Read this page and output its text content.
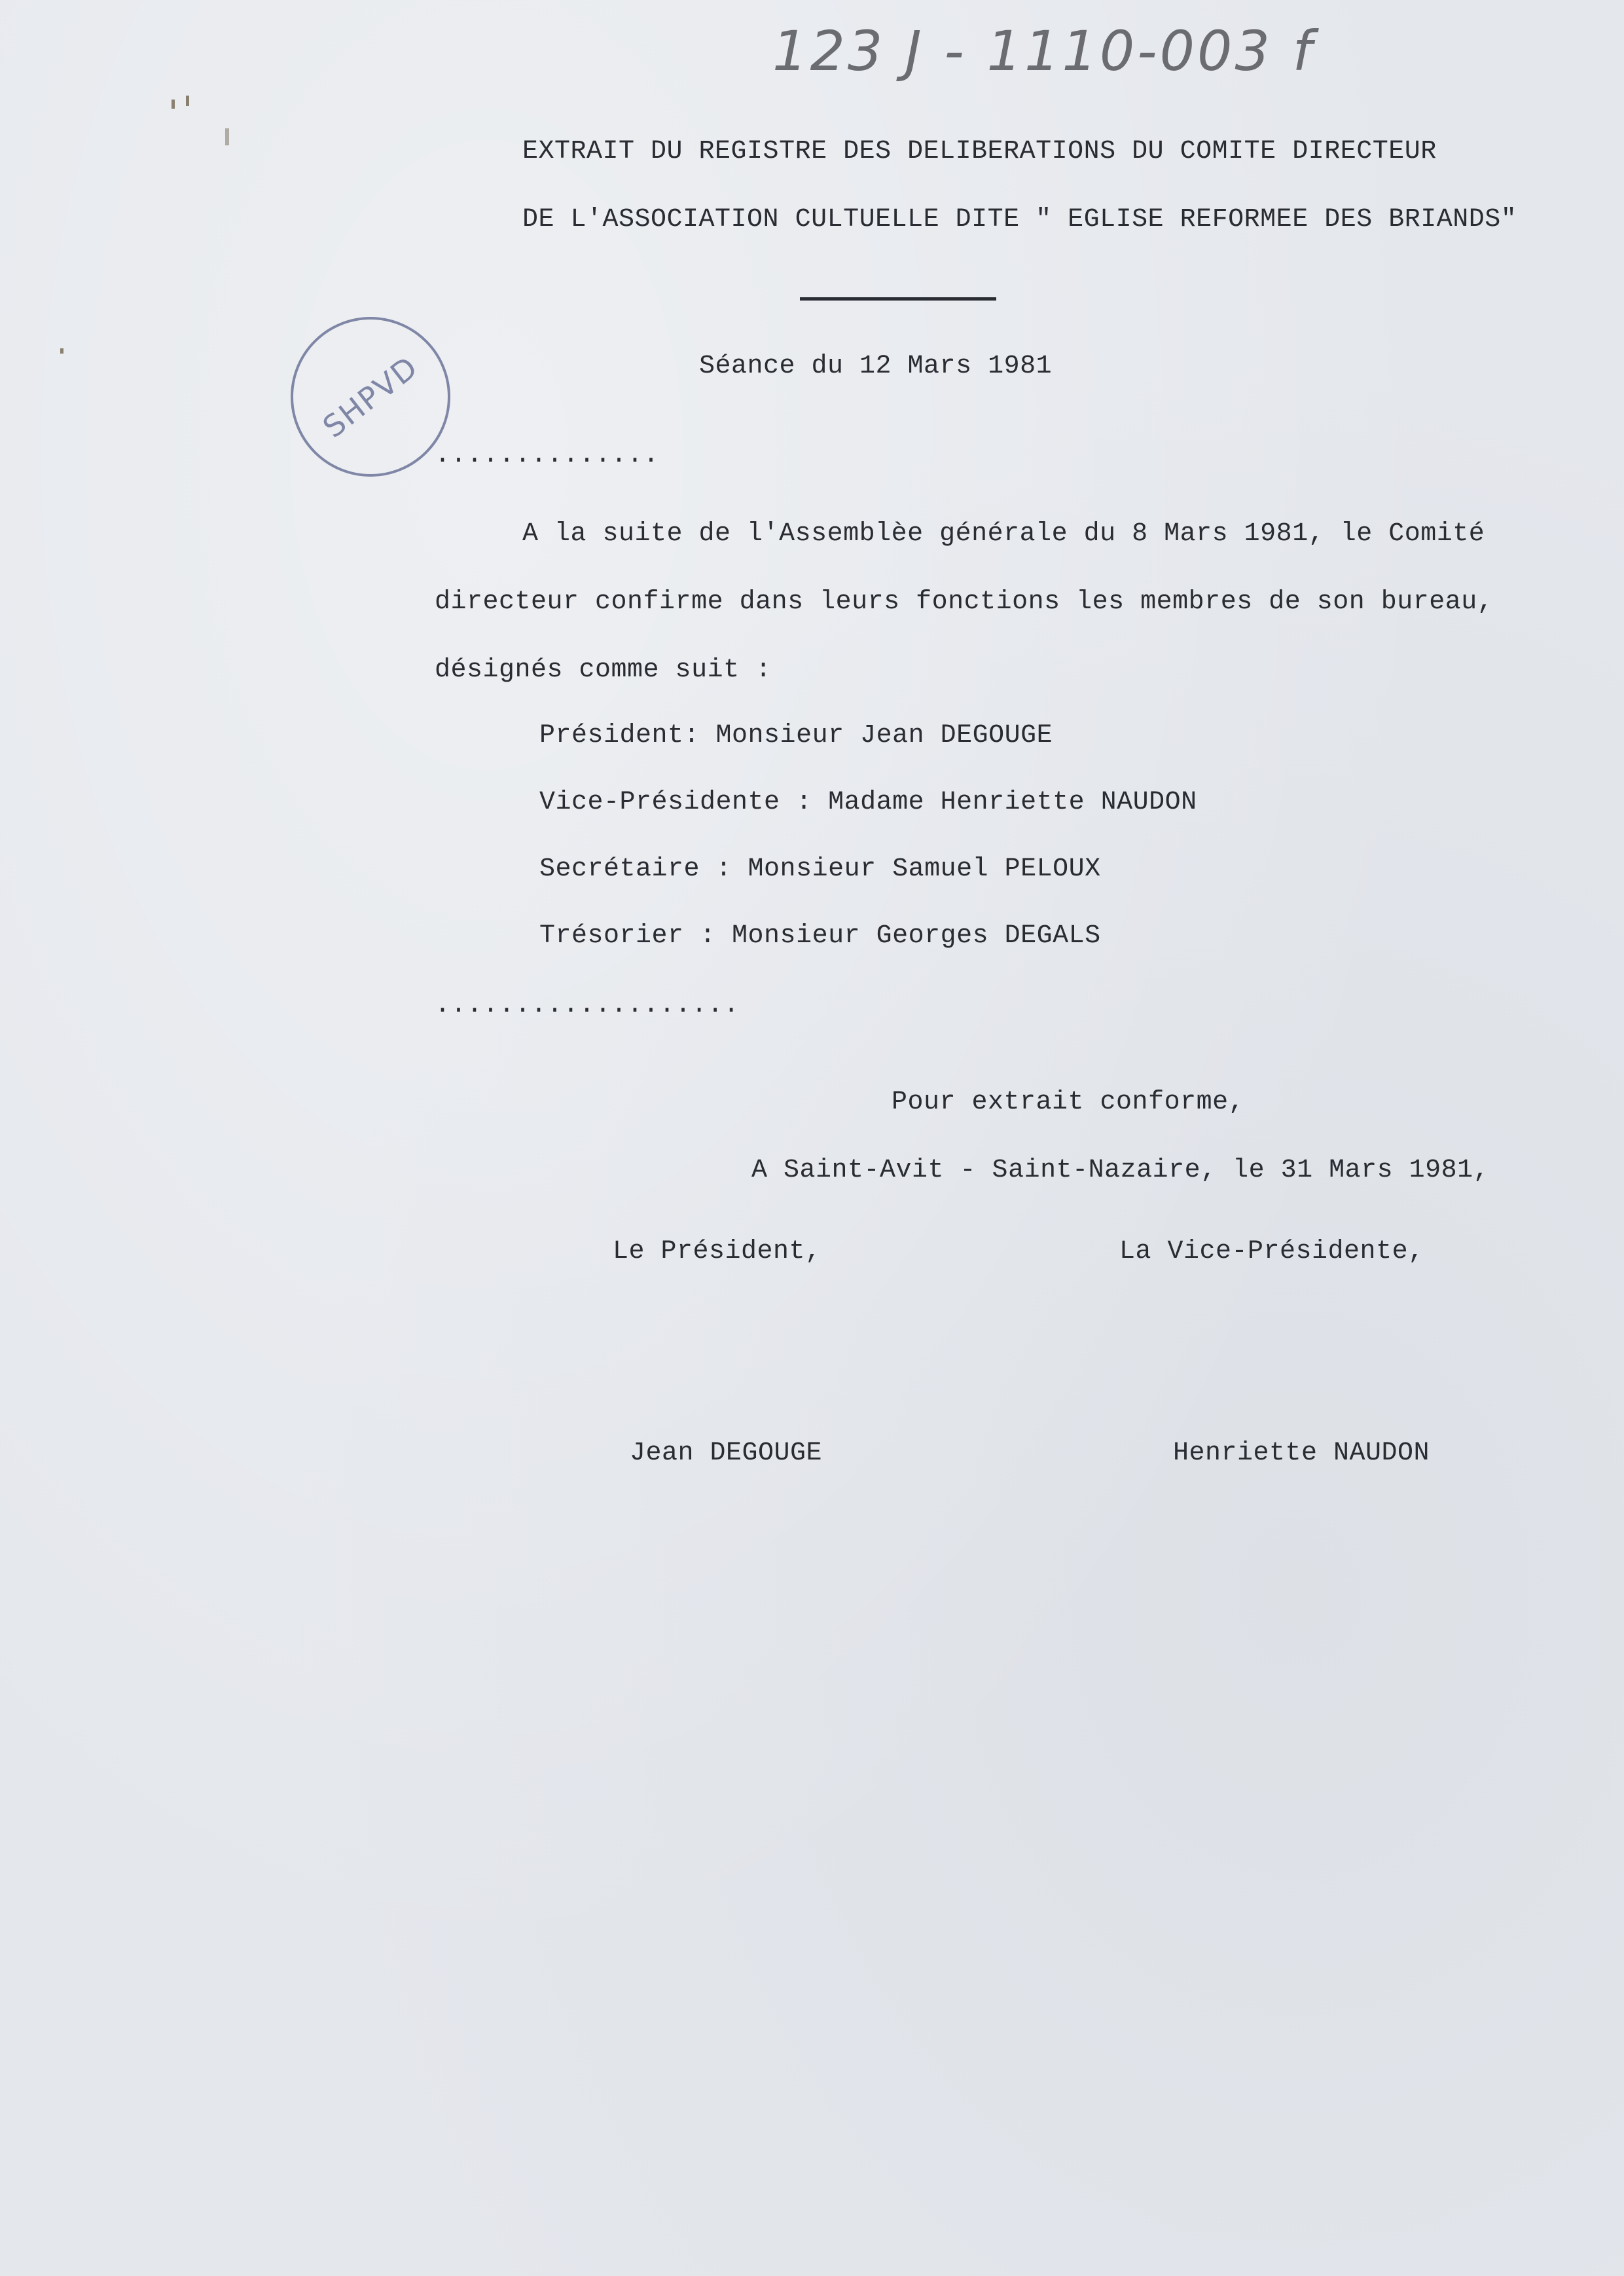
123 J - 1110-003 f
EXTRAIT DU REGISTRE DES DELIBERATIONS DU COMITE DIRECTEUR
DE L'ASSOCIATION CULTUELLE DITE " EGLISE REFORMEE DES BRIANDS"
SHPVD	Séance du 12 Mars 1981
..............
A la suite de l'Assemblèe générale du 8 Mars 1981, le Comité
directeur confirme dans leurs fonctions les membres de son bureau,
désignés comme suit :
Président: Monsieur Jean DEGOUGE
Vice-Présidente : Madame Henriette NAUDON
Secrétaire : Monsieur Samuel PELOUX
Trésorier : Monsieur Georges DEGALS
...................
Pour extrait conforme,
A Saint-Avit - Saint-Nazaire, le 31 Mars 1981,
Le Président,	La Vice-Présidente,
Jean DEGOUGE	Henriette NAUDON
